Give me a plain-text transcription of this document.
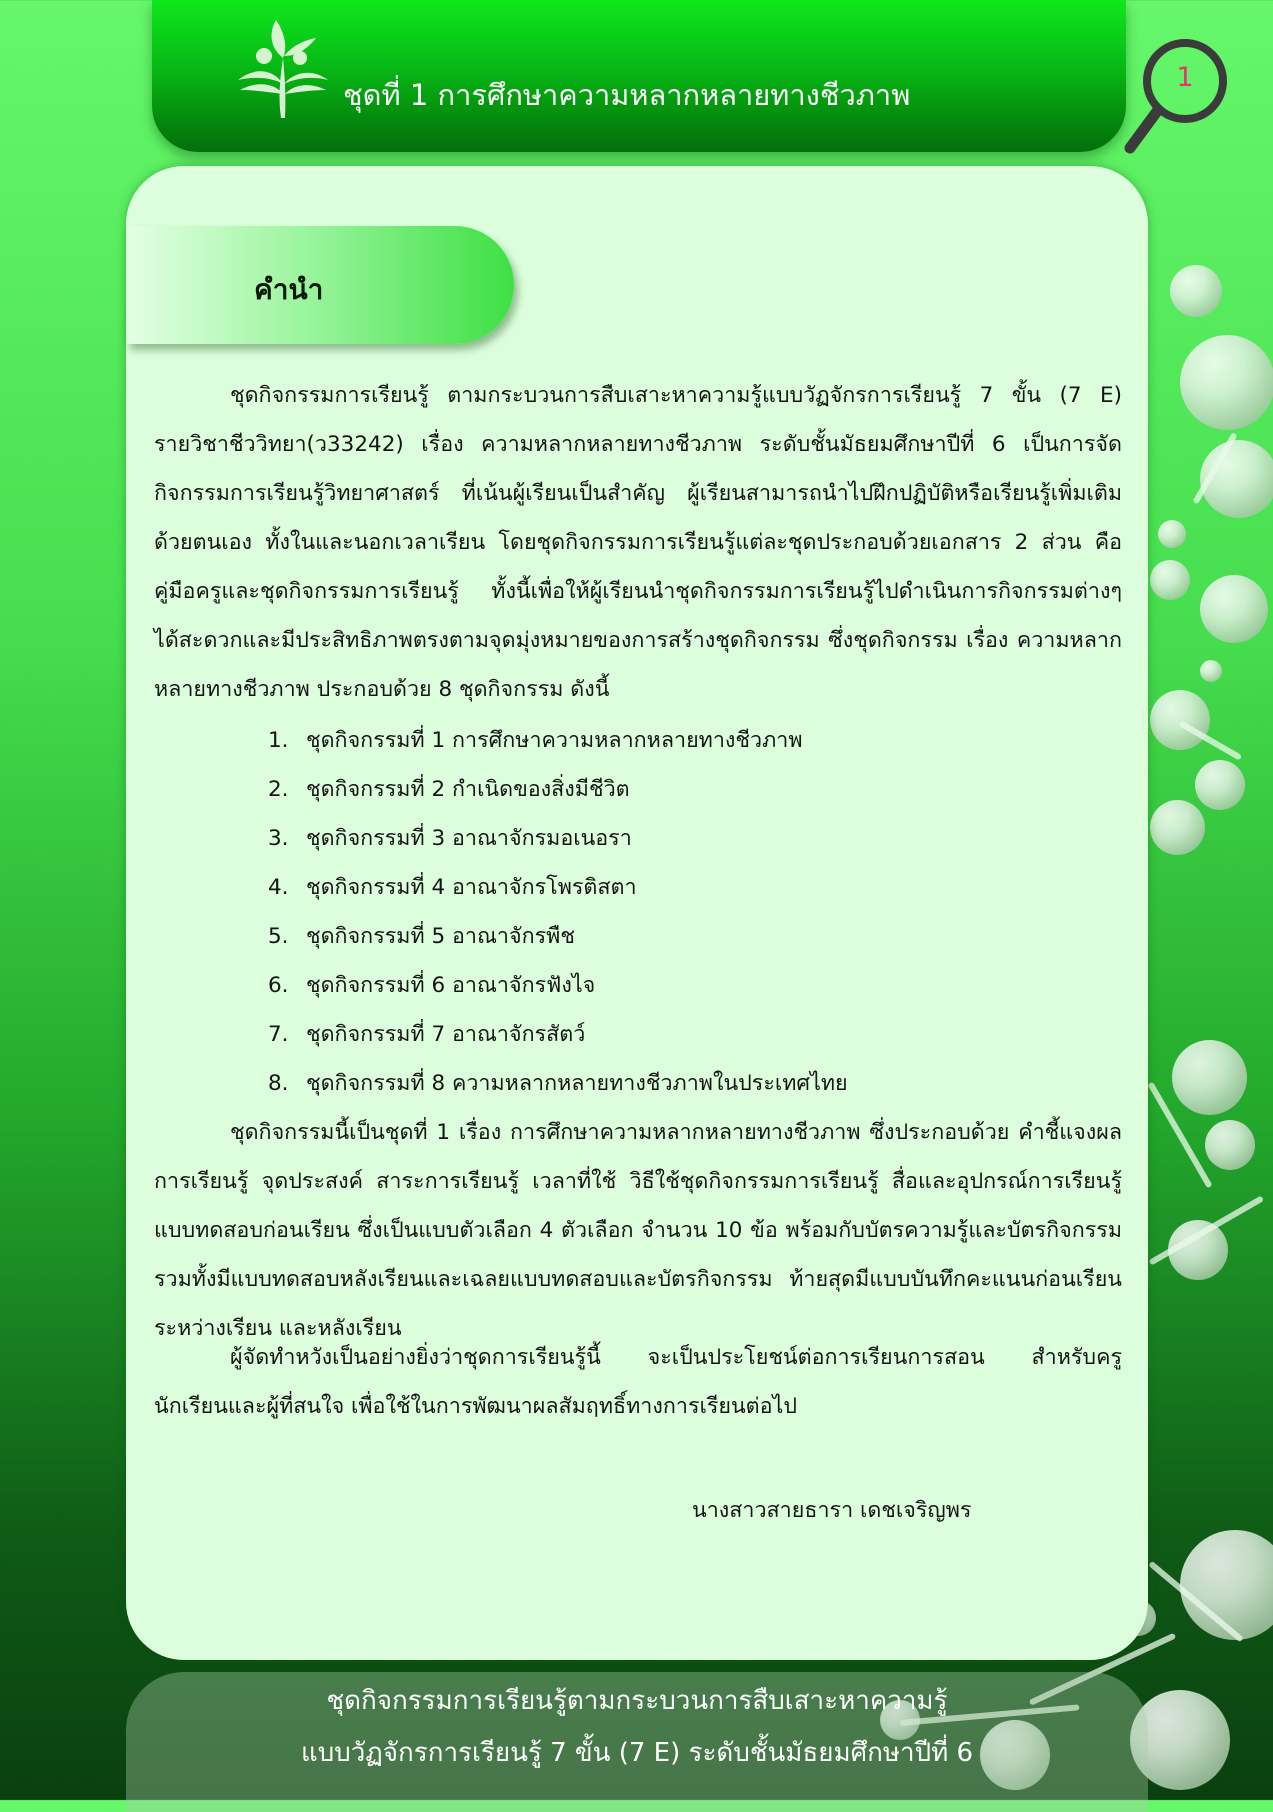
ชุดที่ 1 การศึกษาความหลากหลายทางชีวภาพ
1
คำนำ
ชุดกิจกรรมการเรียนรู้ ตามกระบวนการสืบเสาะหาความรู้แบบวัฏจักรการเรียนรู้ 7 ขั้น (7 E) รายวิชาชีววิทยา(ว33242) เรื่อง ความหลากหลายทางชีวภาพ ระดับชั้นมัธยมศึกษาปีที่ 6 เป็นการจัดกิจกรรมการเรียนรู้วิทยาศาสตร์ ที่เน้นผู้เรียนเป็นสำคัญ ผู้เรียนสามารถนำไปฝึกปฏิบัติหรือเรียนรู้เพิ่มเติมด้วยตนเอง ทั้งในและนอกเวลาเรียน โดยชุดกิจกรรมการเรียนรู้แต่ละชุดประกอบด้วยเอกสาร 2 ส่วน คือ คู่มือครูและชุดกิจกรรมการเรียนรู้ ทั้งนี้เพื่อให้ผู้เรียนนำชุดกิจกรรมการเรียนรู้ไปดำเนินการกิจกรรมต่างๆ ได้สะดวกและมีประสิทธิภาพตรงตามจุดมุ่งหมายของการสร้างชุดกิจกรรม ซึ่งชุดกิจกรรม เรื่อง ความหลากหลายทางชีวภาพ ประกอบด้วย 8 ชุดกิจกรรม ดังนี้
1. ชุดกิจกรรมที่ 1 การศึกษาความหลากหลายทางชีวภาพ
2. ชุดกิจกรรมที่ 2 กำเนิดของสิ่งมีชีวิต
3. ชุดกิจกรรมที่ 3 อาณาจักรมอเนอรา
4. ชุดกิจกรรมที่ 4 อาณาจักรโพรติสตา
5. ชุดกิจกรรมที่ 5 อาณาจักรพืช
6. ชุดกิจกรรมที่ 6 อาณาจักรฟังไจ
7. ชุดกิจกรรมที่ 7 อาณาจักรสัตว์
8. ชุดกิจกรรมที่ 8 ความหลากหลายทางชีวภาพในประเทศไทย
ชุดกิจกรรมนี้เป็นชุดที่ 1 เรื่อง การศึกษาความหลากหลายทางชีวภาพ ซึ่งประกอบด้วย คำชี้แจงผลการเรียนรู้ จุดประสงค์ สาระการเรียนรู้ เวลาที่ใช้ วิธีใช้ชุดกิจกรรมการเรียนรู้ สื่อและอุปกรณ์การเรียนรู้แบบทดสอบก่อนเรียน ซึ่งเป็นแบบตัวเลือก 4 ตัวเลือก จำนวน 10 ข้อ พร้อมกับบัตรความรู้และบัตรกิจกรรมรวมทั้งมีแบบทดสอบหลังเรียนและเฉลยแบบทดสอบและบัตรกิจกรรม ท้ายสุดมีแบบบันทึกคะแนนก่อนเรียนระหว่างเรียน และหลังเรียน
ผู้จัดทำหวังเป็นอย่างยิ่งว่าชุดการเรียนรู้นี้ จะเป็นประโยชน์ต่อการเรียนการสอน สำหรับครู นักเรียนและผู้ที่สนใจ เพื่อใช้ในการพัฒนาผลสัมฤทธิ์ทางการเรียนต่อไป
นางสาวสายธารา เดชเจริญพร
ชุดกิจกรรมการเรียนรู้ตามกระบวนการสืบเสาะหาความรู้
แบบวัฏจักรการเรียนรู้ 7 ขั้น (7 E) ระดับชั้นมัธยมศึกษาปีที่ 6
